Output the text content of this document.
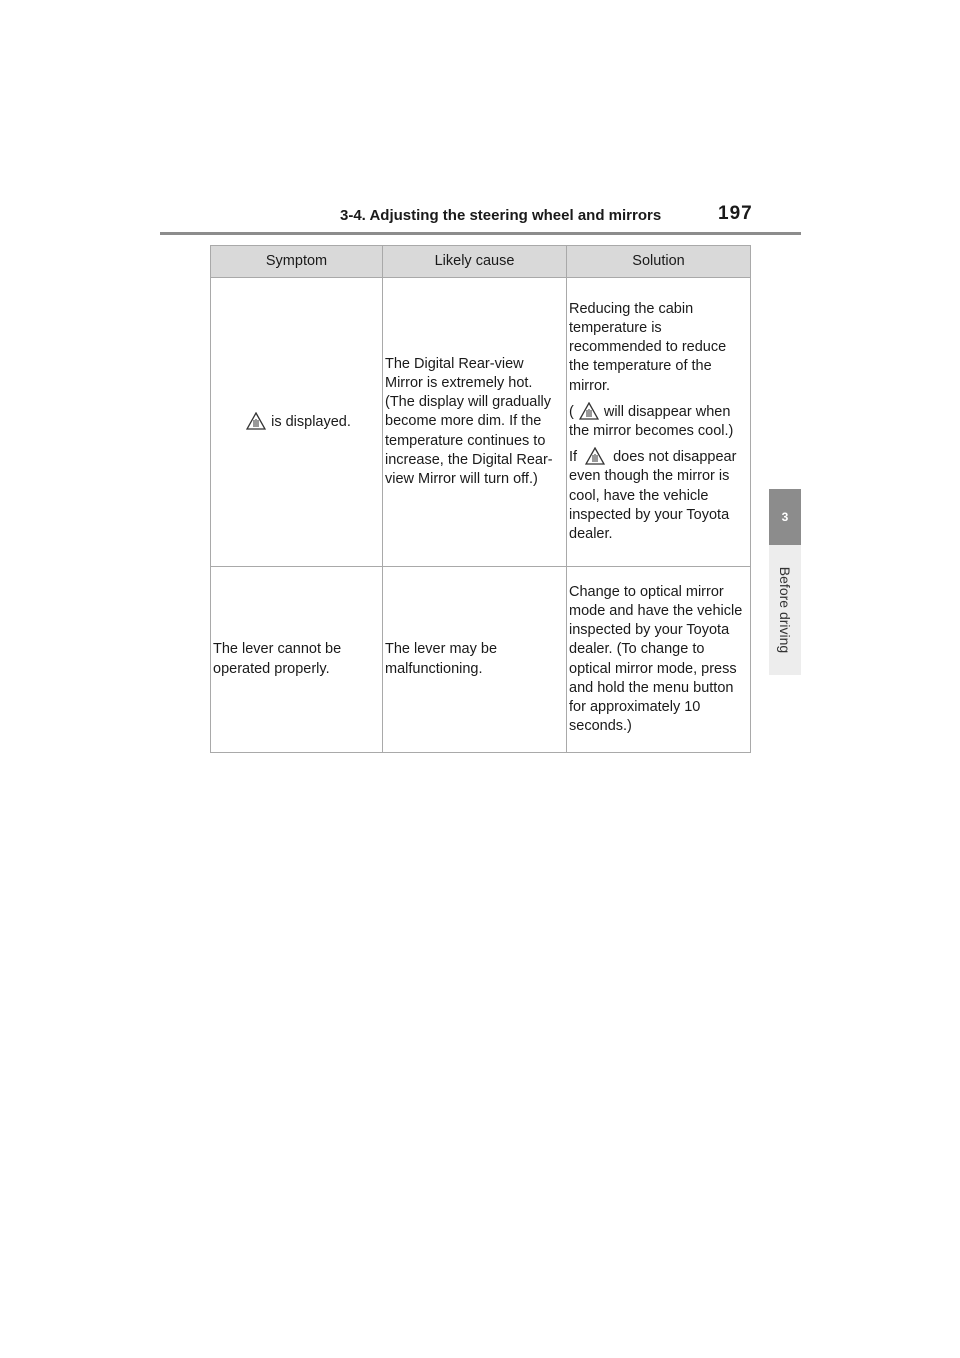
3-4. Adjusting the steering wheel and mirrors	197
3
Before driving
Symptom	Likely cause	Solution
is displayed.	The Digital Rear-view Mirror is extremely hot. (The display will gradually become more dim. If the temperature continues to increase, the Digital Rear-view Mirror will turn off.)	Reducing the cabin temperature is recommended to reduce the temperature of the mirror.

( will disappear when the mirror becomes cool.)

If does not disappear even though the mirror is cool, have the vehicle inspected by your Toyota dealer.

The lever cannot be operated properly.	The lever may be malfunctioning.	Change to optical mirror mode and have the vehicle inspected by your Toyota dealer. (To change to optical mirror mode, press and hold the menu button for approximately 10 seconds.)
